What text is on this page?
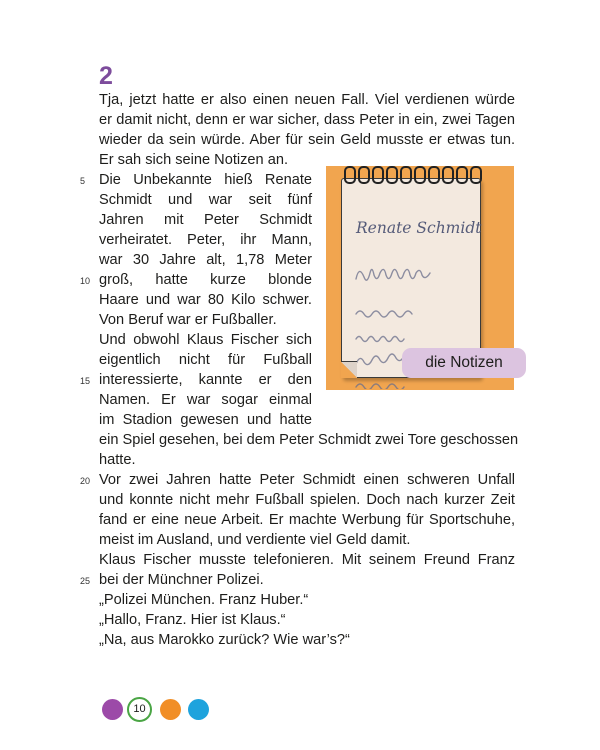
2
Tja, jetzt hatte er also einen neuen Fall. Viel verdienen würde
er damit nicht, denn er war sicher, dass Peter in ein, zwei Tagen
wieder da sein würde. Aber für sein Geld musste er etwas tun.
Er sah sich seine Notizen an.
Die Unbekannte hieß Renate
Schmidt und war seit fünf
Jahren mit Peter Schmidt
verheiratet. Peter, ihr Mann,
war 30 Jahre alt, 1,78 Meter
groß, hatte kurze blonde
Haare und war 80 Kilo schwer.
Von Beruf war er Fußballer.
Und obwohl Klaus Fischer sich
eigentlich nicht für Fußball
interessierte, kannte er den
Namen. Er war sogar einmal
im Stadion gewesen und hatte
ein Spiel gesehen, bei dem Peter Schmidt zwei Tore geschossen
hatte.
Vor zwei Jahren hatte Peter Schmidt einen schweren Unfall
und konnte nicht mehr Fußball spielen. Doch nach kurzer Zeit
fand er eine neue Arbeit. Er machte Werbung für Sportschuhe,
meist im Ausland, und verdiente viel Geld damit.
Klaus Fischer musste telefonieren. Mit seinem Freund Franz
bei der Münchner Polizei.
„Polizei München. Franz Huber.“
„Hallo, Franz. Hier ist Klaus.“
„Na, aus Marokko zurück? Wie war’s?“
5
10
15
20
25
Renate Schmidt
die Notizen
10
